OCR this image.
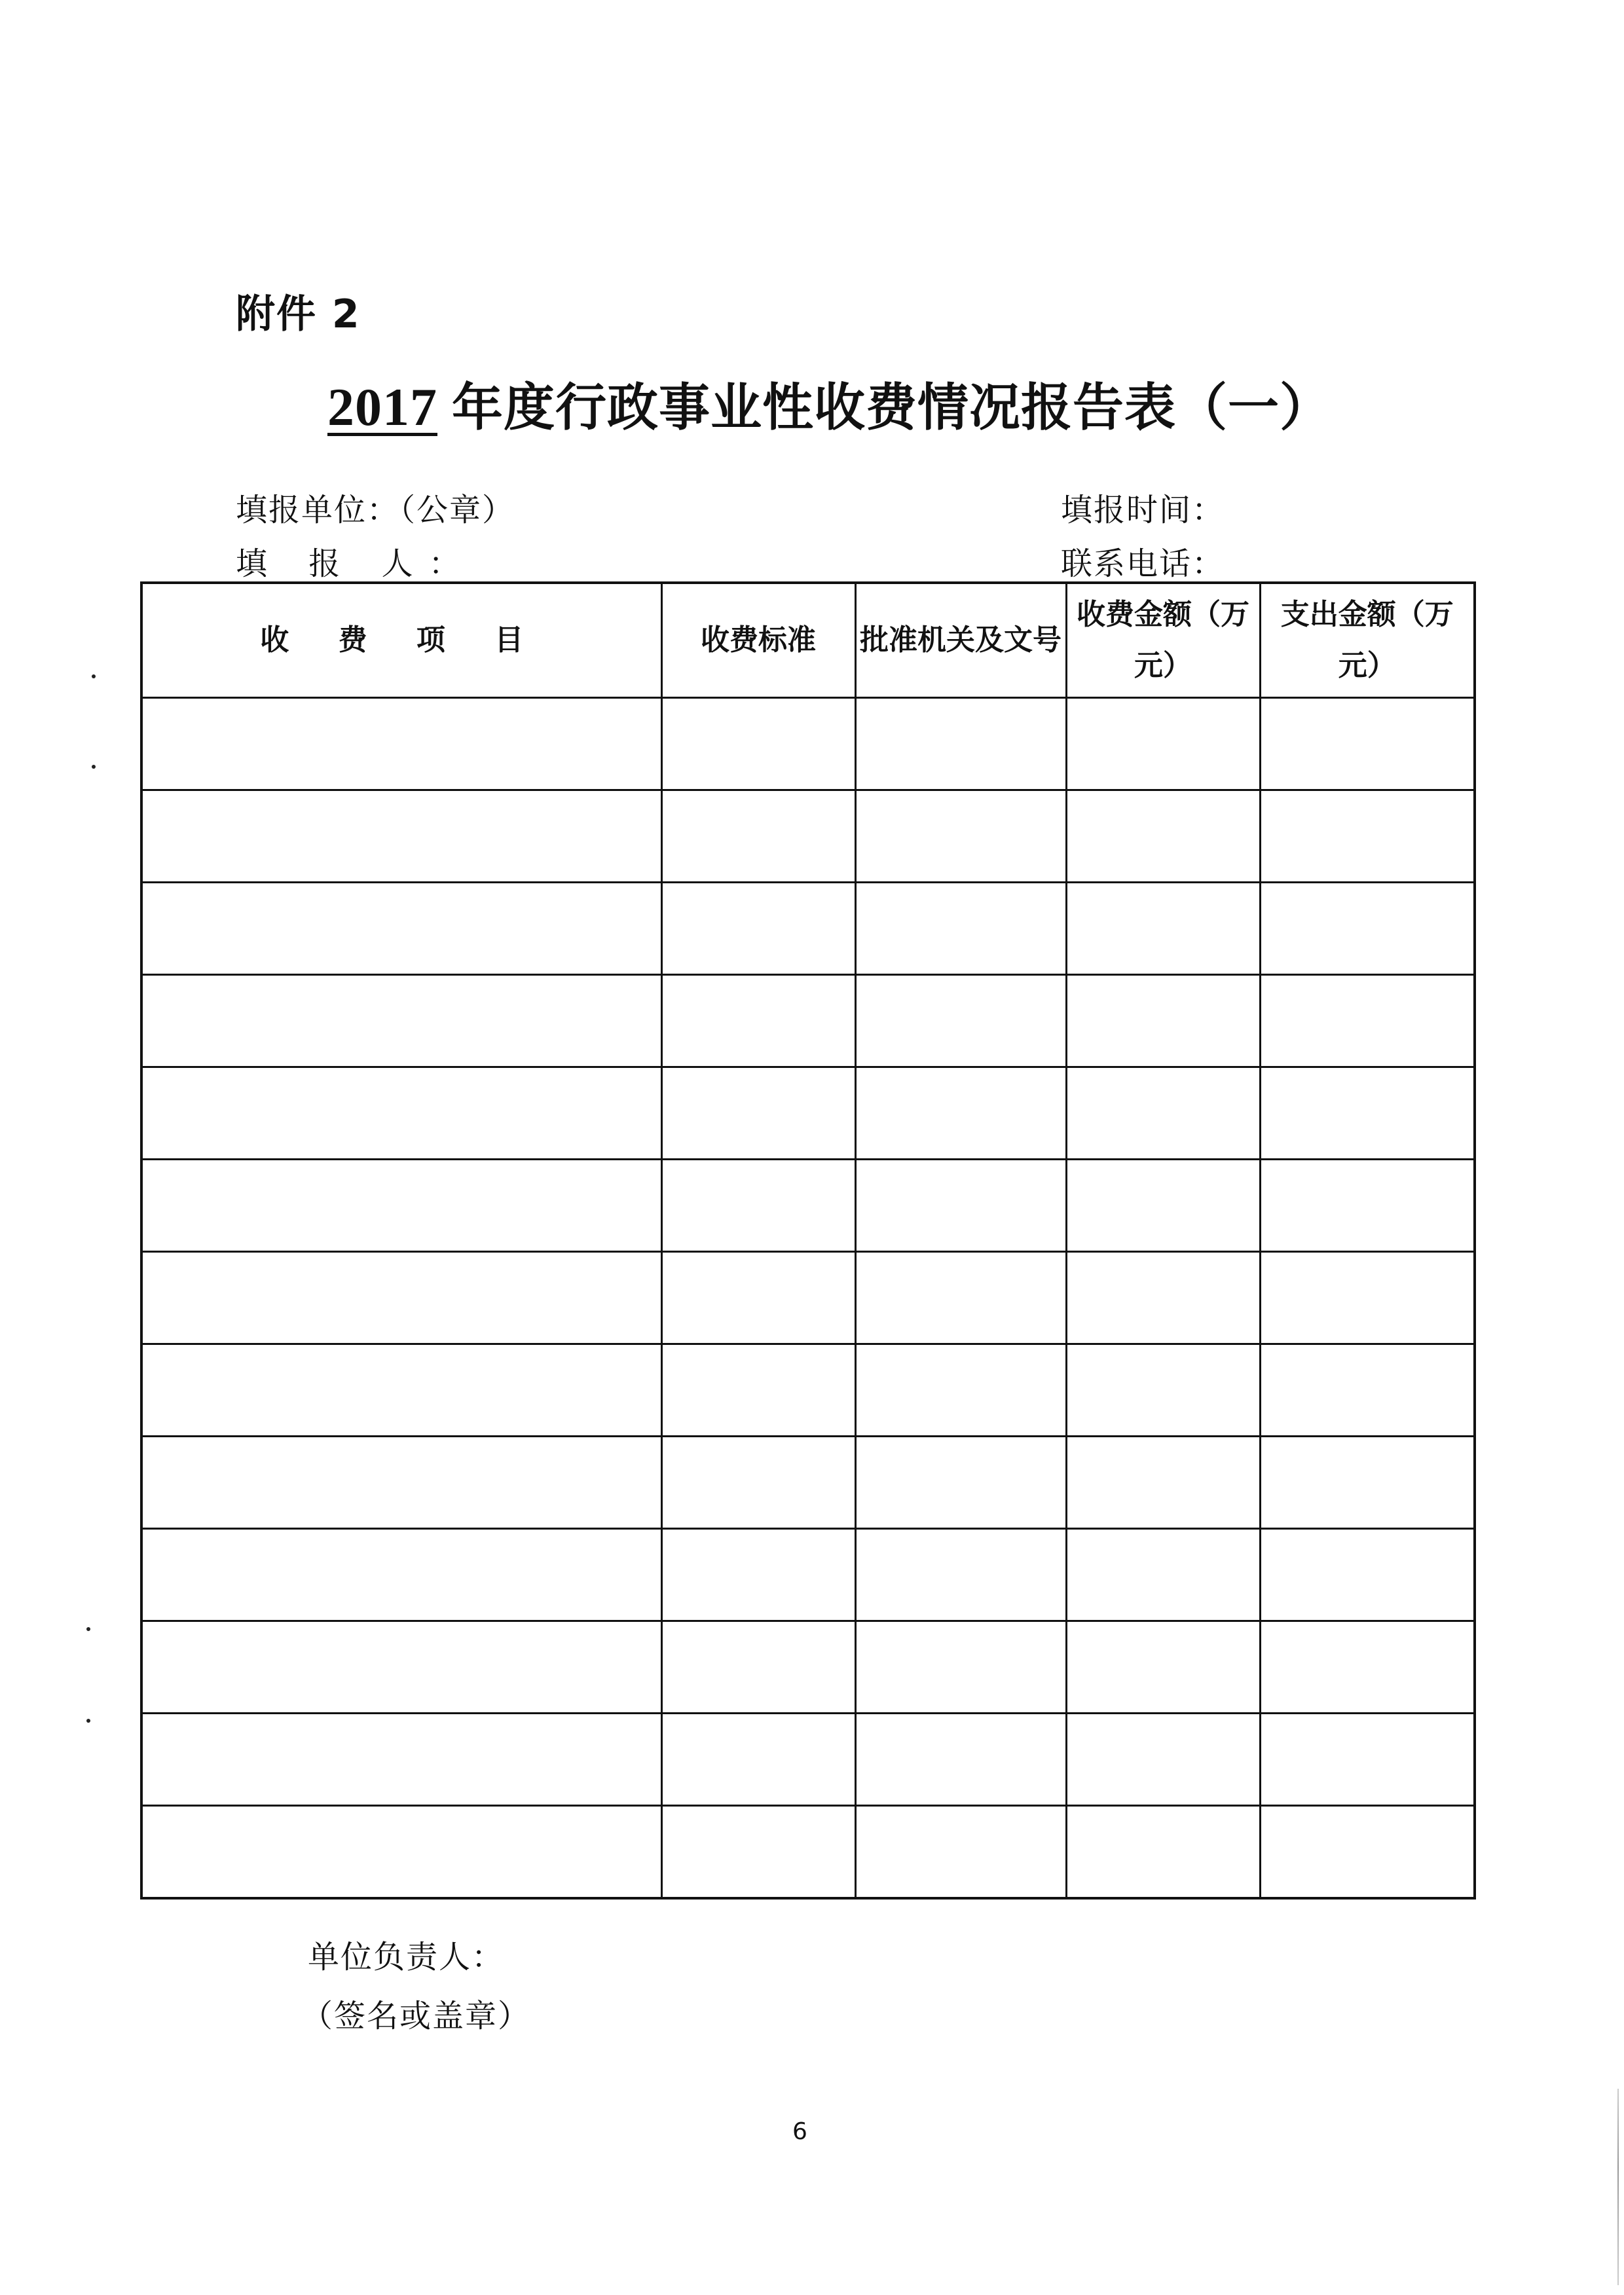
附件 2
2017 年度行政事业性收费情况报告表（一）
填报单位：（公章）
填 报 人：
填报时间：
联系电话：
收 费 项 目	收费标准	批准机关及文号	收费金额（万元）	支出金额（万元）

单位负责人：
（签名或盖章）
6
